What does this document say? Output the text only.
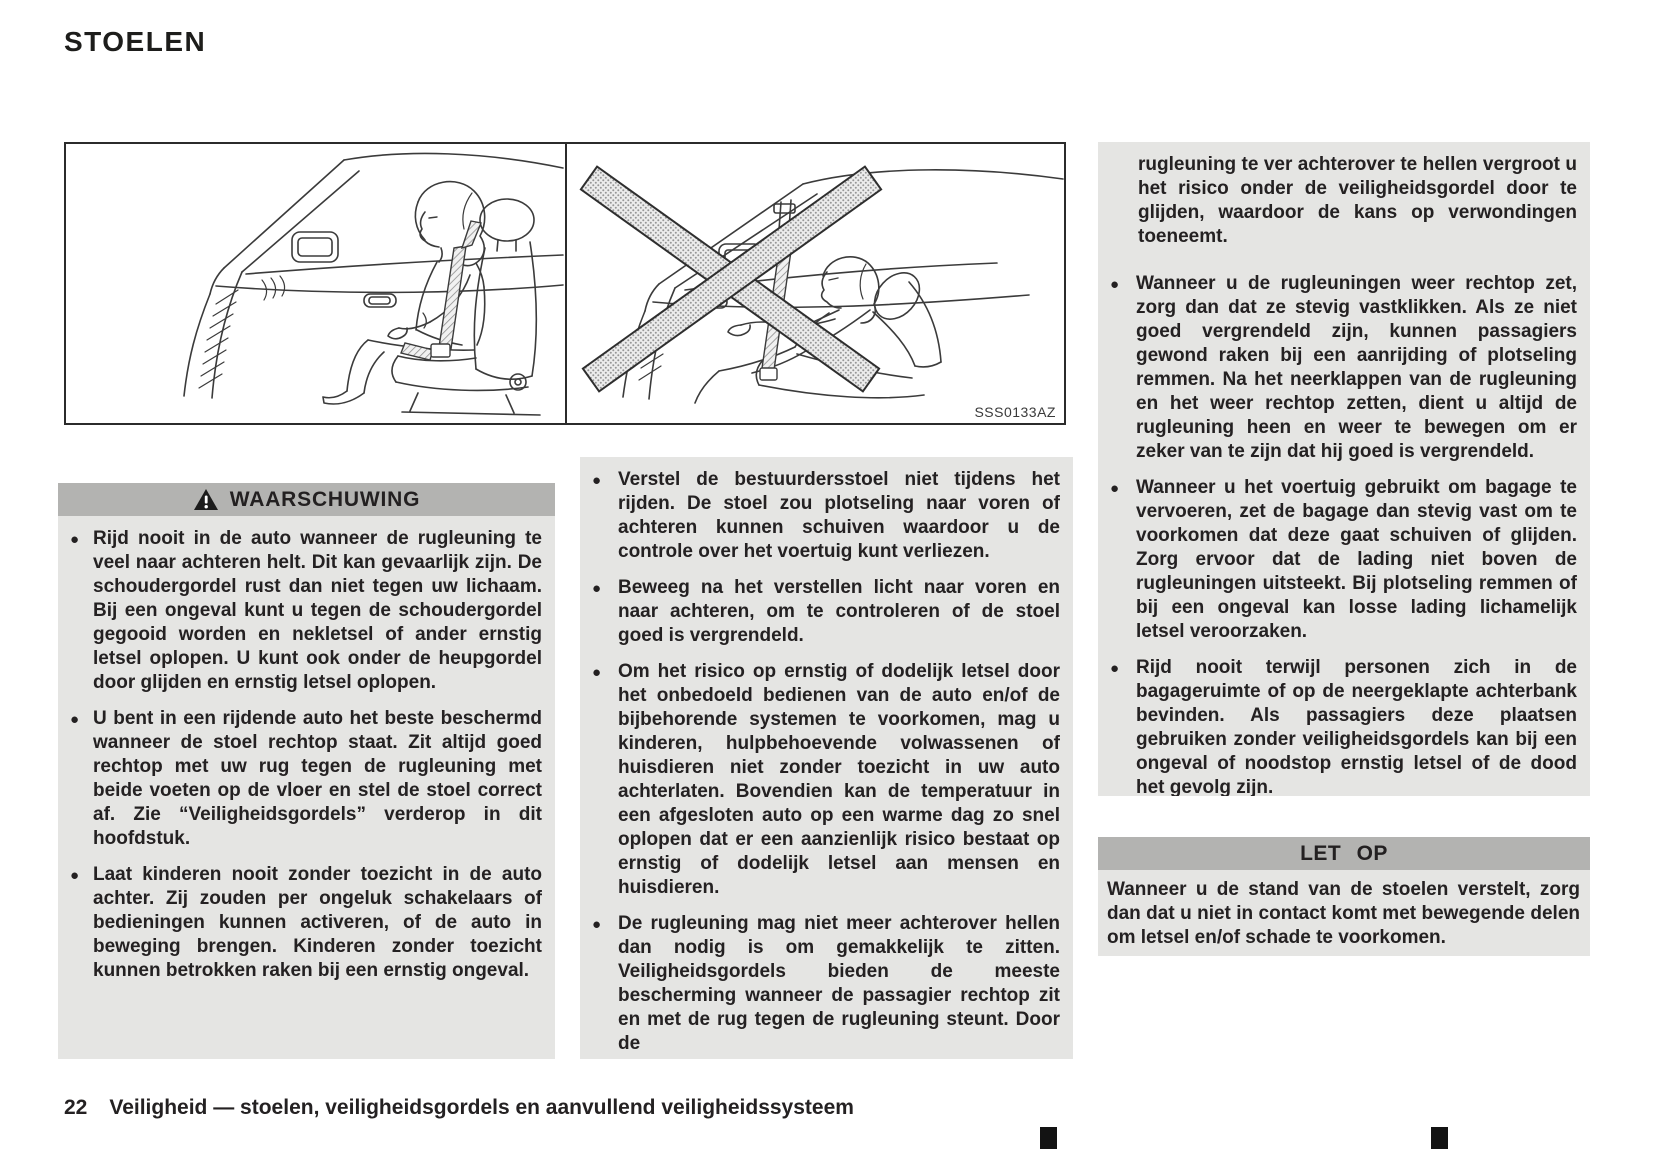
STOELEN
SSS0133AZ
WAARSCHUWING
● Rijd nooit in de auto wanneer de rugleuning te veel naar achteren helt. Dit kan gevaarlijk zijn. De schoudergordel rust dan niet tegen uw lichaam. Bij een ongeval kunt u tegen de schoudergordel gegooid worden en nekletsel of ander ernstig letsel oplopen. U kunt ook onder de heupgordel door glijden en ernstig letsel oplopen.
● U bent in een rijdende auto het beste beschermd wanneer de stoel rechtop staat. Zit altijd goed rechtop met uw rug tegen de rugleuning met beide voeten op de vloer en stel de stoel correct af. Zie “Veiligheidsgordels” verderop in dit hoofdstuk.
● Laat kinderen nooit zonder toezicht in de auto achter. Zij zouden per ongeluk schakelaars of bedieningen kunnen activeren, of de auto in beweging brengen. Kinderen zonder toezicht kunnen betrokken raken bij een ernstig ongeval.
● Verstel de bestuurdersstoel niet tijdens het rijden. De stoel zou plotseling naar voren of achteren kunnen schuiven waardoor u de controle over het voertuig kunt verliezen.
● Beweeg na het verstellen licht naar voren en naar achteren, om te controleren of de stoel goed is vergrendeld.
● Om het risico op ernstig of dodelijk letsel door het onbedoeld bedienen van de auto en/of de bijbehorende systemen te voorkomen, mag u kinderen, hulpbehoevende volwassenen of huisdieren niet zonder toezicht in uw auto achterlaten. Bovendien kan de temperatuur in een afgesloten auto op een warme dag zo snel oplopen dat er een aanzienlijk risico bestaat op ernstig of dodelijk letsel aan mensen en huisdieren.
● De rugleuning mag niet meer achterover hellen dan nodig is om gemakkelijk te zitten. Veiligheidsgordels bieden de meeste bescherming wanneer de passagier rechtop zit en met de rug tegen de rugleuning steunt. Door de

rugleuning te ver achterover te hellen vergroot u het risico onder de veiligheidsgordel door te glijden, waardoor de kans op verwondingen toeneemt.

● Wanneer u de rugleuningen weer rechtop zet, zorg dan dat ze stevig vastklikken. Als ze niet goed vergrendeld zijn, kunnen passagiers gewond raken bij een aanrijding of plotseling remmen. Na het neerklappen van de rugleuning en het weer rechtop zetten, dient u altijd de rugleuning heen en weer te bewegen om er zeker van te zijn dat hij goed is vergrendeld.
● Wanneer u het voertuig gebruikt om bagage te vervoeren, zet de bagage dan stevig vast om te voorkomen dat deze gaat schuiven of glijden. Zorg ervoor dat de lading niet boven de rugleuningen uitsteekt. Bij plotseling remmen of bij een ongeval kan losse lading lichamelijk letsel veroorzaken.
● Rijd nooit terwijl personen zich in de bagageruimte of op de neergeklapte achterbank bevinden. Als passagiers deze plaatsen gebruiken zonder veiligheidsgordels kan bij een ongeval of noodstop ernstig letsel of de dood het gevolg zijn.
LET OP
Wanneer u de stand van de stoelen verstelt, zorg dan dat u niet in contact komt met bewegende delen om letsel en/of schade te voorkomen.
22 Veiligheid — stoelen, veiligheidsgordels en aanvullend veiligheidssysteem
